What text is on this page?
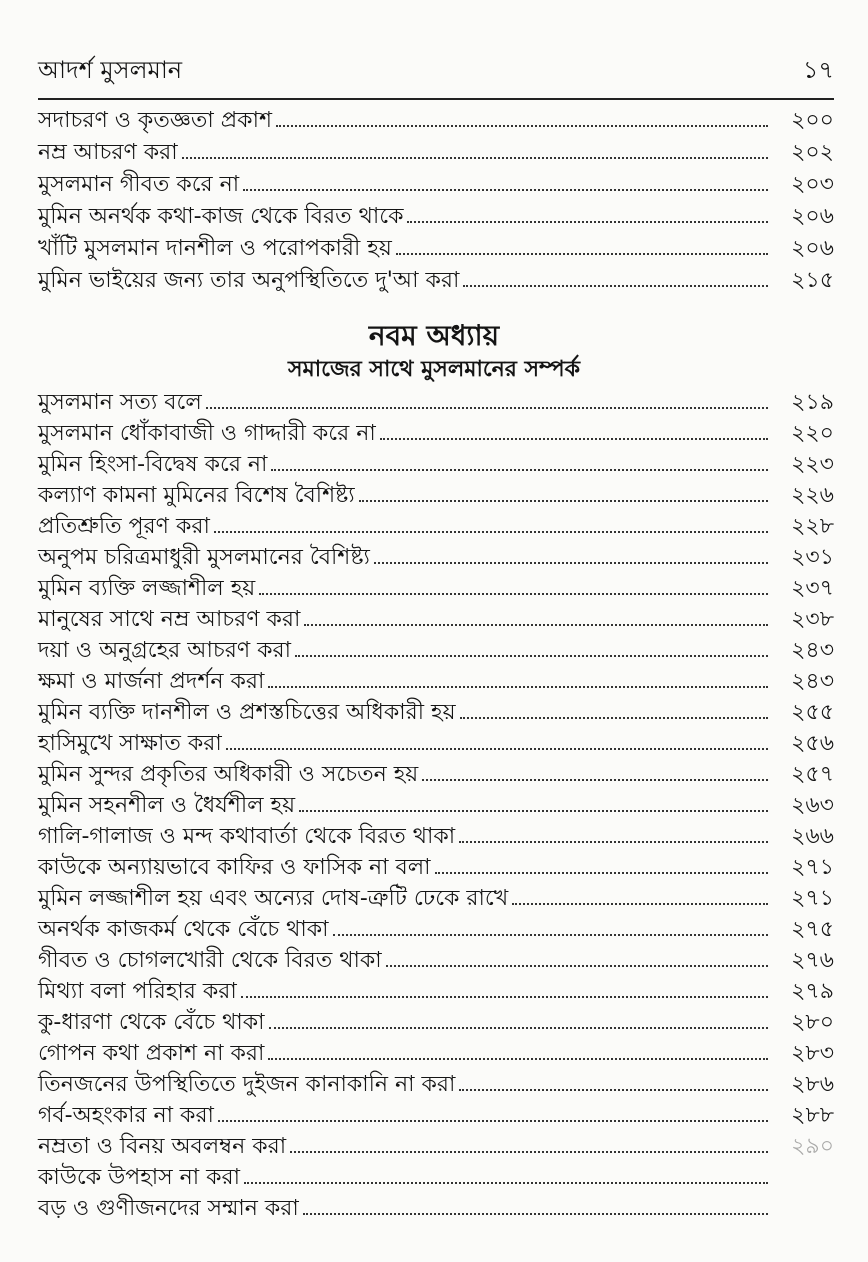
আদর্শ মুসলমান	১৭
সদাচরণ ও কৃতজ্ঞতা প্রকাশ	২০০
নম্র আচরণ করা	২০২
মুসলমান গীবত করে না	২০৩
মুমিন অনর্থক কথা-কাজ থেকে বিরত থাকে	২০৬
খাঁটি মুসলমান দানশীল ও পরোপকারী হয়	২০৬
মুমিন ভাইয়ের জন্য তার অনুপস্থিতিতে দু'আ করা	২১৫
নবম অধ্যায়
সমাজের সাথে মুসলমানের সম্পর্ক
মুসলমান সত্য বলে	২১৯
মুসলমান ধোঁকাবাজী ও গাদ্দারী করে না	২২০
মুমিন হিংসা-বিদ্বেষ করে না	২২৩
কল্যাণ কামনা মুমিনের বিশেষ বৈশিষ্ট্য	২২৬
প্রতিশ্রুতি পূরণ করা	২২৮
অনুপম চরিত্রমাধুরী মুসলমানের বৈশিষ্ট্য	২৩১
মুমিন ব্যক্তি লজ্জাশীল হয়	২৩৭
মানুষের সাথে নম্র আচরণ করা	২৩৮
দয়া ও অনুগ্রহের আচরণ করা	২৪৩
ক্ষমা ও মার্জনা প্রদর্শন করা	২৪৩
মুমিন ব্যক্তি দানশীল ও প্রশস্তচিত্তের অধিকারী হয়	২৫৫
হাসিমুখে সাক্ষাত করা	২৫৬
মুমিন সুন্দর প্রকৃতির অধিকারী ও সচেতন হয়	২৫৭
মুমিন সহনশীল ও ধৈর্যশীল হয়	২৬৩
গালি-গালাজ ও মন্দ কথাবার্তা থেকে বিরত থাকা	২৬৬
কাউকে অন্যায়ভাবে কাফির ও ফাসিক না বলা	২৭১
মুমিন লজ্জাশীল হয় এবং অন্যের দোষ-ত্রুটি ঢেকে রাখে	২৭১
অনর্থক কাজকর্ম থেকে বেঁচে থাকা	২৭৫
গীবত ও চোগলখোরী থেকে বিরত থাকা	২৭৬
মিথ্যা বলা পরিহার করা	২৭৯
কু-ধারণা থেকে বেঁচে থাকা	২৮০
গোপন কথা প্রকাশ না করা	২৮৩
তিনজনের উপস্থিতিতে দুইজন কানাকানি না করা	২৮৬
গর্ব-অহংকার না করা	২৮৮
নম্রতা ও বিনয় অবলম্বন করা	২৯০
কাউকে উপহাস না করা
বড় ও গুণীজনদের সম্মান করা
